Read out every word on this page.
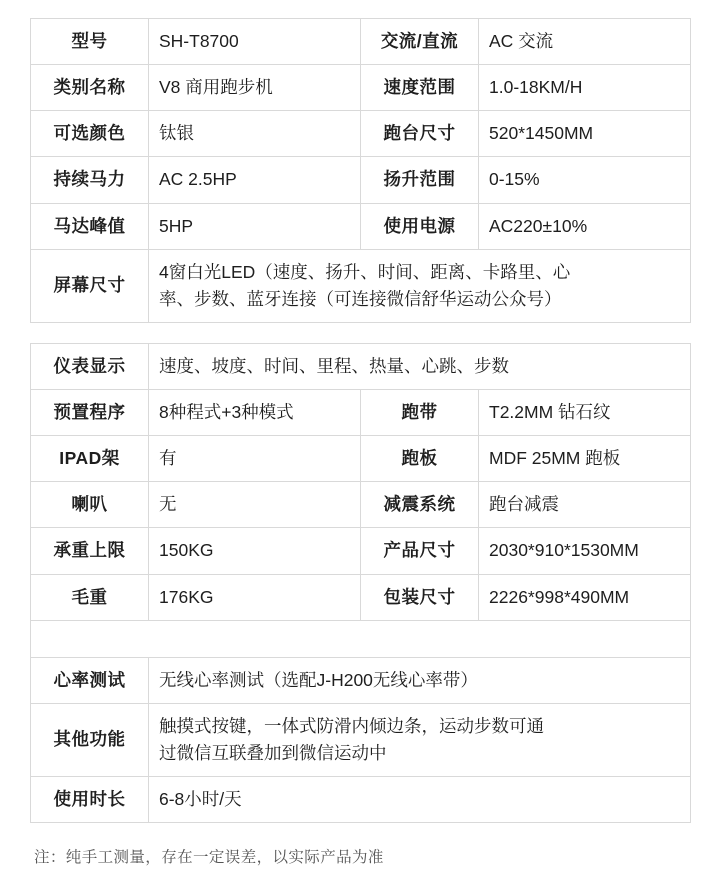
型号	SH-T8700	交流/直流	AC 交流
类别名称	V8 商用跑步机	速度范围	1.0-18KM/H
可选颜色	钛银	跑台尺寸	520*1450MM
持续马力	AC 2.5HP	扬升范围	0-15%
马达峰值	5HP	使用电源	AC220±10%
屏幕尺寸	4窗白光LED（速度、扬升、时间、距离、卡路里、心
率、步数、蓝牙连接（可连接微信舒华运动公众号）		
仪表显示	速度、坡度、时间、里程、热量、心跳、步数		
预置程序	8种程式+3种模式	跑带	T2.2MM 钻石纹
IPAD架	有	跑板	MDF 25MM 跑板
喇叭	无	减震系统	跑台减震
承重上限	150KG	产品尺寸	2030*910*1530MM
毛重	176KG	包装尺寸	2226*998*490MM

心率测试	无线心率测试（选配J-H200无线心率带）		
其他功能	触摸式按键，一体式防滑内倾边条，运动步数可通
过微信互联叠加到微信运动中		

使用时长	6-8小时/天		
注：纯手工测量，存在一定误差，以实际产品为准
